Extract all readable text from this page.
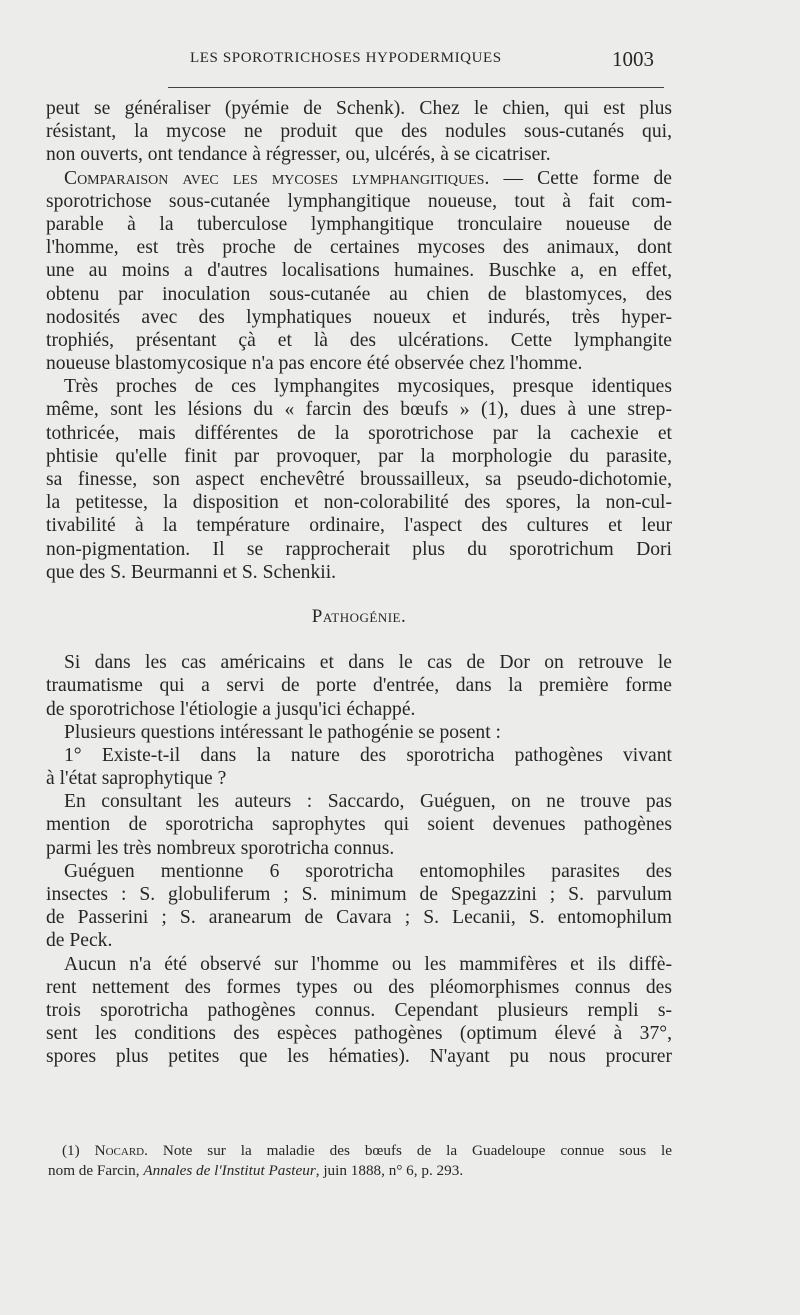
LES SPOROTRICHOSES HYPODERMIQUES	1003
peut se généraliser (pyémie de Schenk). Chez le chien, qui est plus
résistant, la mycose ne produit que des nodules sous-cutanés qui,
non ouverts, ont tendance à régresser, ou, ulcérés, à se cicatriser.
Comparaison avec les mycoses lymphangitiques. — Cette forme de
sporotrichose sous-cutanée lymphangitique noueuse, tout à fait com-
parable à la tuberculose lymphangitique tronculaire noueuse de
l'homme, est très proche de certaines mycoses des animaux, dont
une au moins a d'autres localisations humaines. Buschke a, en effet,
obtenu par inoculation sous-cutanée au chien de blastomyces, des
nodosités avec des lymphatiques noueux et indurés, très hyper-
trophiés, présentant çà et là des ulcérations. Cette lymphangite
noueuse blastomycosique n'a pas encore été observée chez l'homme.
Très proches de ces lymphangites mycosiques, presque identiques
même, sont les lésions du « farcin des bœufs » (1), dues à une strep-
tothricée, mais différentes de la sporotrichose par la cachexie et
phtisie qu'elle finit par provoquer, par la morphologie du parasite,
sa finesse, son aspect enchevêtré broussailleux, sa pseudo-dichotomie,
la petitesse, la disposition et non-colorabilité des spores, la non-cul-
tivabilité à la température ordinaire, l'aspect des cultures et leur
non-pigmentation. Il se rapprocherait plus du sporotrichum Dori
que des S. Beurmanni et S. Schenkii.
Pathogénie.
Si dans les cas américains et dans le cas de Dor on retrouve le
traumatisme qui a servi de porte d'entrée, dans la première forme
de sporotrichose l'étiologie a jusqu'ici échappé.
Plusieurs questions intéressant le pathogénie se posent :
1° Existe-t-il dans la nature des sporotricha pathogènes vivant
à l'état saprophytique ?
En consultant les auteurs : Saccardo, Guéguen, on ne trouve pas
mention de sporotricha saprophytes qui soient devenues pathogènes
parmi les très nombreux sporotricha connus.
Guéguen mentionne 6 sporotricha entomophiles parasites des
insectes : S. globuliferum ; S. minimum de Spegazzini ; S. parvulum
de Passerini ; S. aranearum de Cavara ; S. Lecanii, S. entomophilum
de Peck.
Aucun n'a été observé sur l'homme ou les mammifères et ils diffè-
rent nettement des formes types ou des pléomorphismes connus des
trois sporotricha pathogènes connus. Cependant plusieurs rempli s-
sent les conditions des espèces pathogènes (optimum élevé à 37°,
spores plus petites que les hématies). N'ayant pu nous procurer
(1) Nocard. Note sur la maladie des bœufs de la Guadeloupe connue sous le
nom de Farcin, Annales de l'Institut Pasteur, juin 1888, n° 6, p. 293.
